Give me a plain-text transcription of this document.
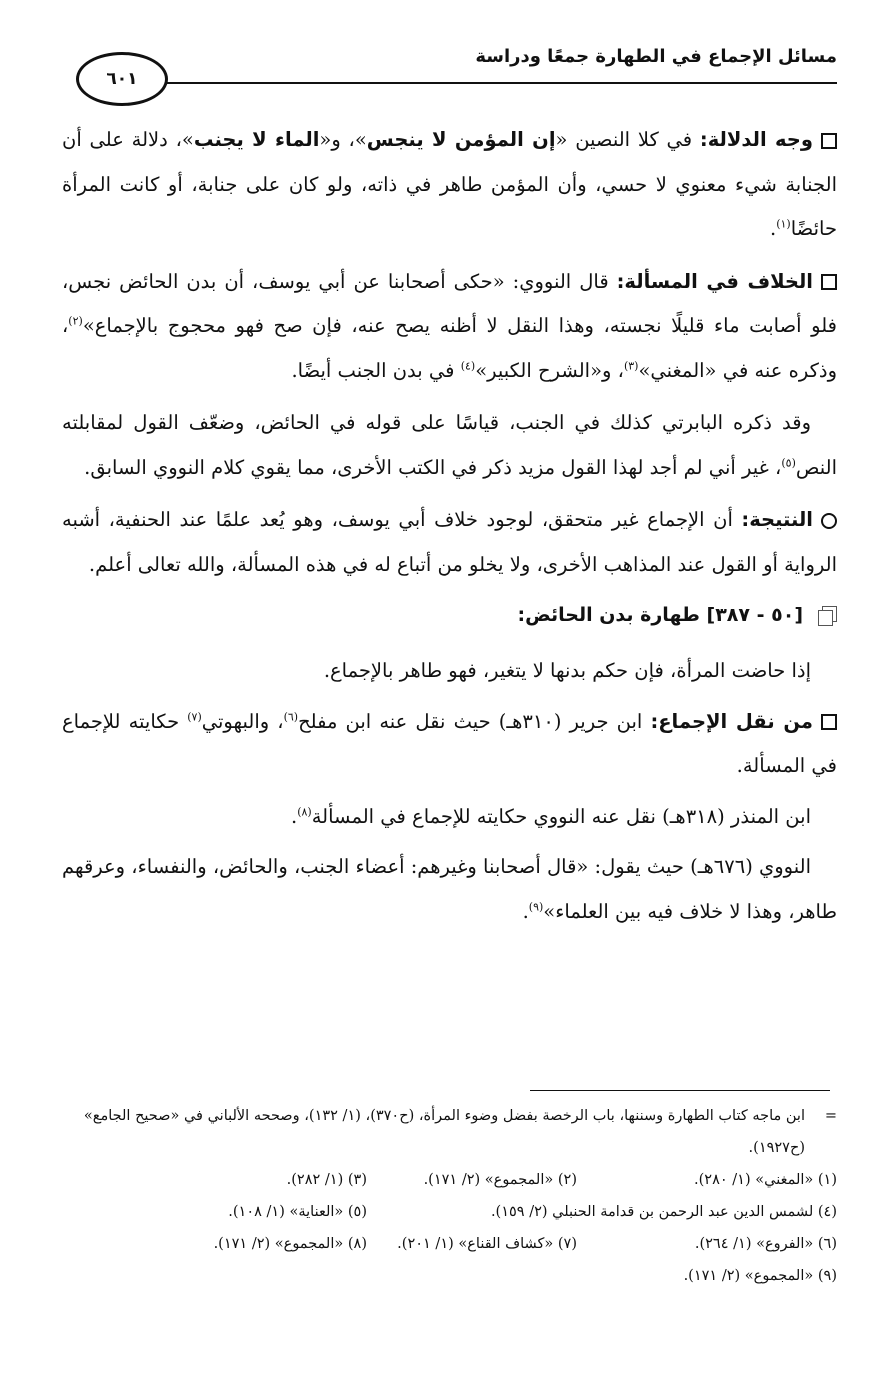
مسائل الإجماع في الطهارة جمعًا ودراسة
٦٠١

وجه الدلالة: في كلا النصين «إن المؤمن لا ينجس»، و«الماء لا يجنب»، دلالة على أن الجنابة شيء معنوي لا حسي، وأن المؤمن طاهر في ذاته، ولو كان على جنابة، أو كانت المرأة حائضًا$^{(١)}$.

الخلاف في المسألة: قال النووي: «حكى أصحابنا عن أبي يوسف، أن بدن الحائض نجس، فلو أصابت ماء قليلًا نجسته، وهذا النقل لا أظنه يصح عنه، فإن صح فهو محجوج بالإجماع»$^{(٢)}$، وذكره عنه في «المغني»$^{(٣)}$، و«الشرح الكبير»$^{(٤)}$ في بدن الجنب أيضًا.

وقد ذكره البابرتي كذلك في الجنب، قياسًا على قوله في الحائض، وضعّف القول لمقابلته النص$^{(٥)}$، غير أني لم أجد لهذا القول مزيد ذكر في الكتب الأخرى، مما يقوي كلام النووي السابق.

النتيجة: أن الإجماع غير متحقق، لوجود خلاف أبي يوسف، وهو يُعد علمًا عند الحنفية، أشبه الرواية أو القول عند المذاهب الأخرى، ولا يخلو من أتباع له في هذه المسألة، والله تعالى أعلم.

[٥٠ - ٣٨٧] طهارة بدن الحائض:

إذا حاضت المرأة، فإن حكم بدنها لا يتغير، فهو طاهر بالإجماع.

من نقل الإجماع: ابن جرير (٣١٠هـ) حيث نقل عنه ابن مفلح$^{(٦)}$، والبهوتي$^{(٧)}$ حكايته للإجماع في المسألة.

ابن المنذر (٣١٨هـ) نقل عنه النووي حكايته للإجماع في المسألة$^{(٨)}$.

النووي (٦٧٦هـ) حيث يقول: «قال أصحابنا وغيرهم: أعضاء الجنب، والحائض، والنفساء، وعرقهم طاهر، وهذا لا خلاف فيه بين العلماء»$^{(٩)}$.

=
ابن ماجه كتاب الطهارة وسننها، باب الرخصة بفضل وضوء المرأة، (ح٣٧٠)، (١/ ١٣٢)، وصححه الألباني في «صحيح الجامع» (ح١٩٢٧).
(١) «المغني» (١/ ٢٨٠).
(٢) «المجموع» (٢/ ١٧١).
(٣) (١/ ٢٨٢).
(٤) لشمس الدين عبد الرحمن بن قدامة الحنبلي (٢/ ١٥٩).
(٥) «العناية» (١/ ١٠٨).
(٦) «الفروع» (١/ ٢٦٤).
(٧) «كشاف القناع» (١/ ٢٠١).
(٨) «المجموع» (٢/ ١٧١).
(٩) «المجموع» (٢/ ١٧١).
